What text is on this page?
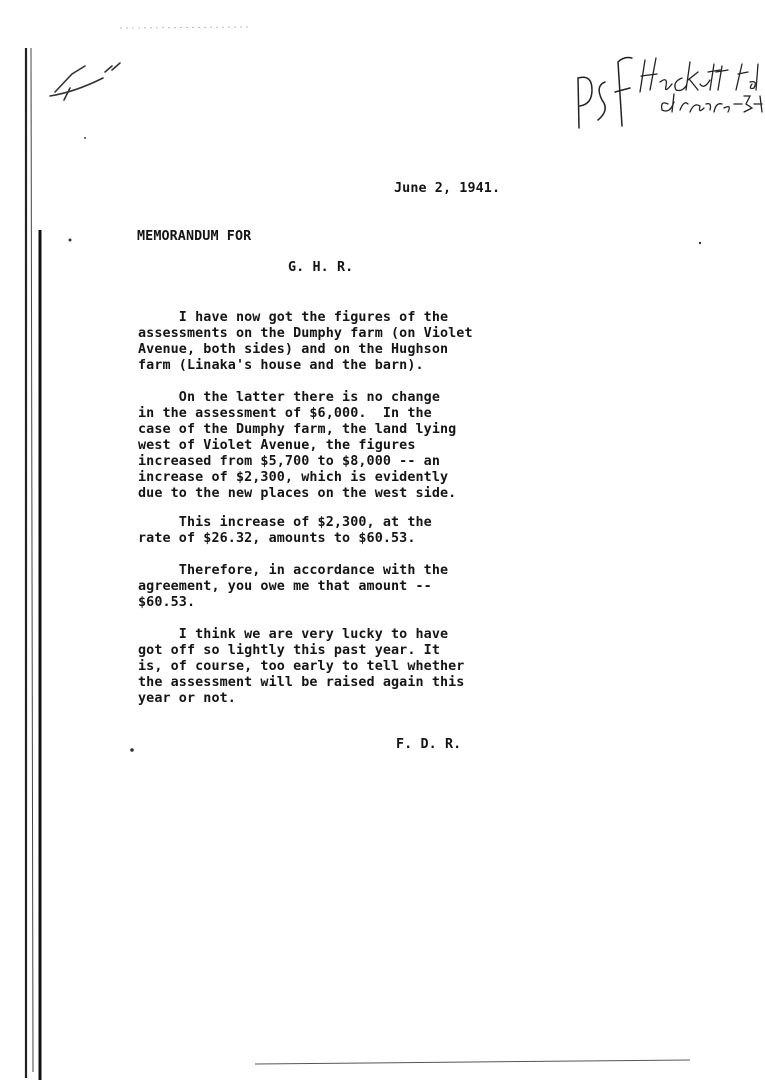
June 2, 1941.
MEMORANDUM FOR
G. H. R.
I have now got the figures of the
assessments on the Dumphy farm (on Violet
Avenue, both sides) and on the Hughson
farm (Linaka's house and the barn).
On the latter there is no change
in the assessment of $6,000.  In the
case of the Dumphy farm, the land lying
west of Violet Avenue, the figures
increased from $5,700 to $8,000 -- an
increase of $2,300, which is evidently
due to the new places on the west side.
This increase of $2,300, at the
rate of $26.32, amounts to $60.53.
Therefore, in accordance with the
agreement, you owe me that amount --
$60.53.
I think we are very lucky to have
got off so lightly this past year. It
is, of course, too early to tell whether
the assessment will be raised again this
year or not.
F. D. R.
